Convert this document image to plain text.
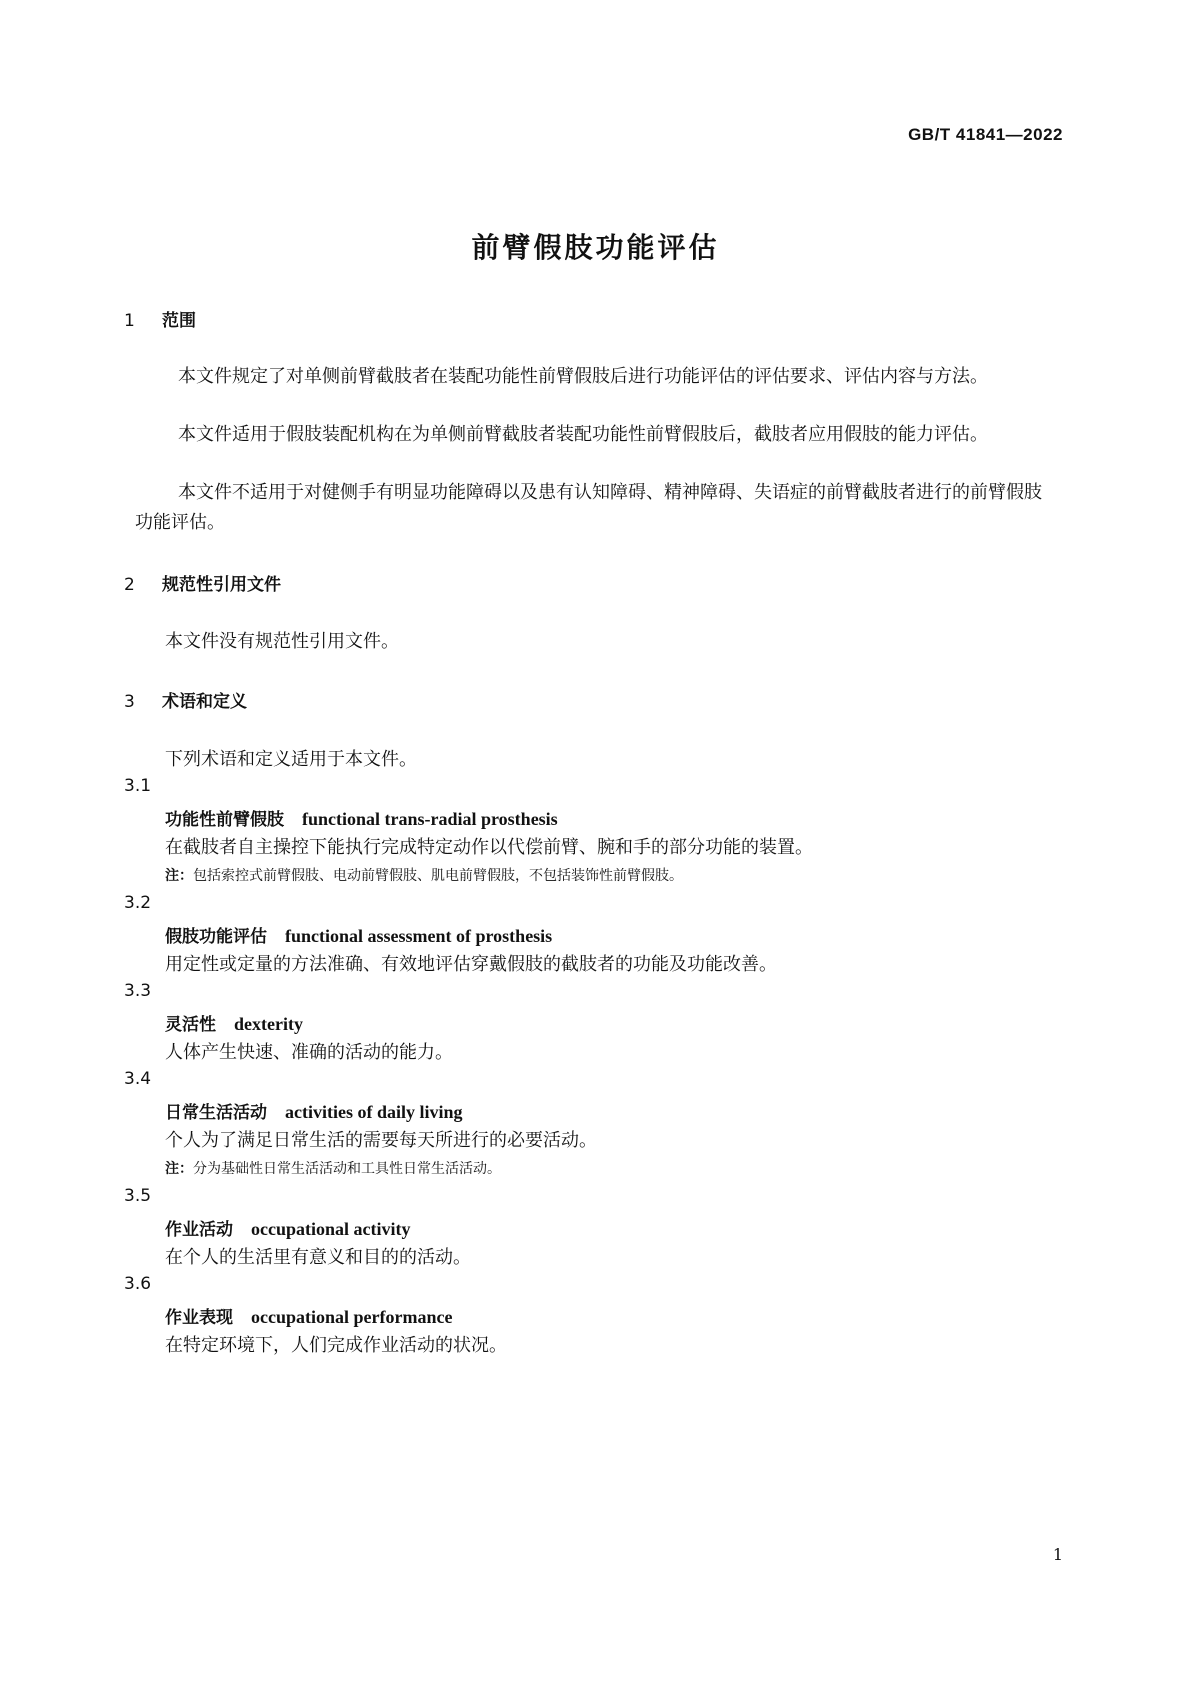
GB/T 41841—2022
前臂假肢功能评估
1 范围
本文件规定了对单侧前臂截肢者在装配功能性前臂假肢后进行功能评估的评估要求、评估内容与方法。
本文件适用于假肢装配机构在为单侧前臂截肢者装配功能性前臂假肢后，截肢者应用假肢的能力评估。
本文件不适用于对健侧手有明显功能障碍以及患有认知障碍、精神障碍、失语症的前臂截肢者进行的前臂假肢功能评估。
2 规范性引用文件
本文件没有规范性引用文件。
3 术语和定义
下列术语和定义适用于本文件。
3.1
功能性前臂假肢 functional trans-radial prosthesis
在截肢者自主操控下能执行完成特定动作以代偿前臂、腕和手的部分功能的装置。
注：包括索控式前臂假肢、电动前臂假肢、肌电前臂假肢，不包括装饰性前臂假肢。
3.2
假肢功能评估 functional assessment of prosthesis
用定性或定量的方法准确、有效地评估穿戴假肢的截肢者的功能及功能改善。
3.3
灵活性 dexterity
人体产生快速、准确的活动的能力。
3.4
日常生活活动 activities of daily living
个人为了满足日常生活的需要每天所进行的必要活动。
注：分为基础性日常生活活动和工具性日常生活活动。
3.5
作业活动 occupational activity
在个人的生活里有意义和目的的活动。
3.6
作业表现 occupational performance
在特定环境下，人们完成作业活动的状况。
1
